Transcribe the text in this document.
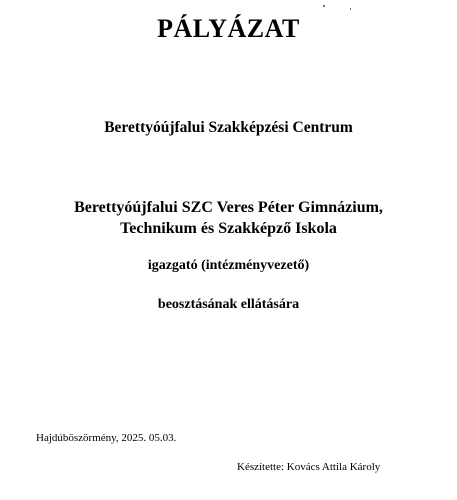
PÁLYÁZAT
Berettyóújfalui Szakképzési Centrum
Berettyóújfalui SZC Veres Péter Gimnázium,
Technikum és Szakképző Iskola
igazgató (intézményvezető)
beosztásának ellátására
Hajdúböszörmény, 2025. 05.03.
Készítette: Kovács Attila Károly
